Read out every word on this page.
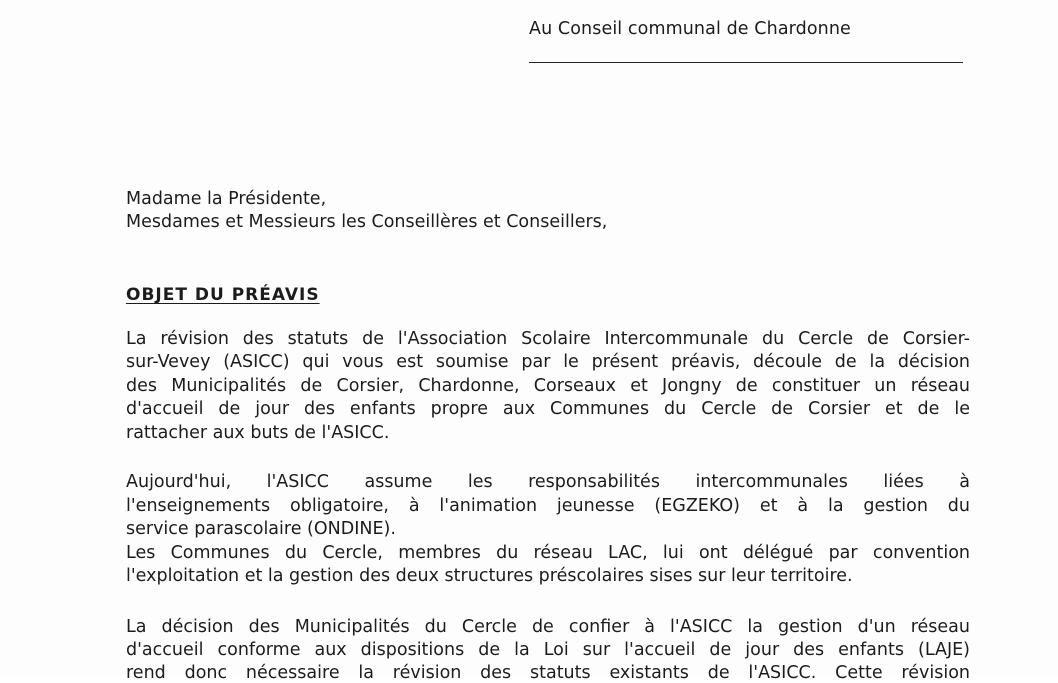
Au Conseil communal de Chardonne
Madame la Présidente,
Mesdames et Messieurs les Conseillères et Conseillers,
OBJET DU PRÉAVIS
La révision des statuts de l'Association Scolaire Intercommunale du Cercle de Corsier-
sur-Vevey (ASICC) qui vous est soumise par le présent préavis, découle de la décision
des Municipalités de Corsier, Chardonne, Corseaux et Jongny de constituer un réseau
d'accueil de jour des enfants propre aux Communes du Cercle de Corsier et de le
rattacher aux buts de l'ASICC.
Aujourd'hui, l'ASICC assume les responsabilités intercommunales liées à
l'enseignements obligatoire, à l'animation jeunesse (EGZEKO) et à la gestion du
service parascolaire (ONDINE).
Les Communes du Cercle, membres du réseau LAC, lui ont délégué par convention
l'exploitation et la gestion des deux structures préscolaires sises sur leur territoire.
La décision des Municipalités du Cercle de confier à l'ASICC la gestion d'un réseau
d'accueil conforme aux dispositions de la Loi sur l'accueil de jour des enfants (LAJE)
rend donc nécessaire la révision des statuts existants de l'ASICC. Cette révision
